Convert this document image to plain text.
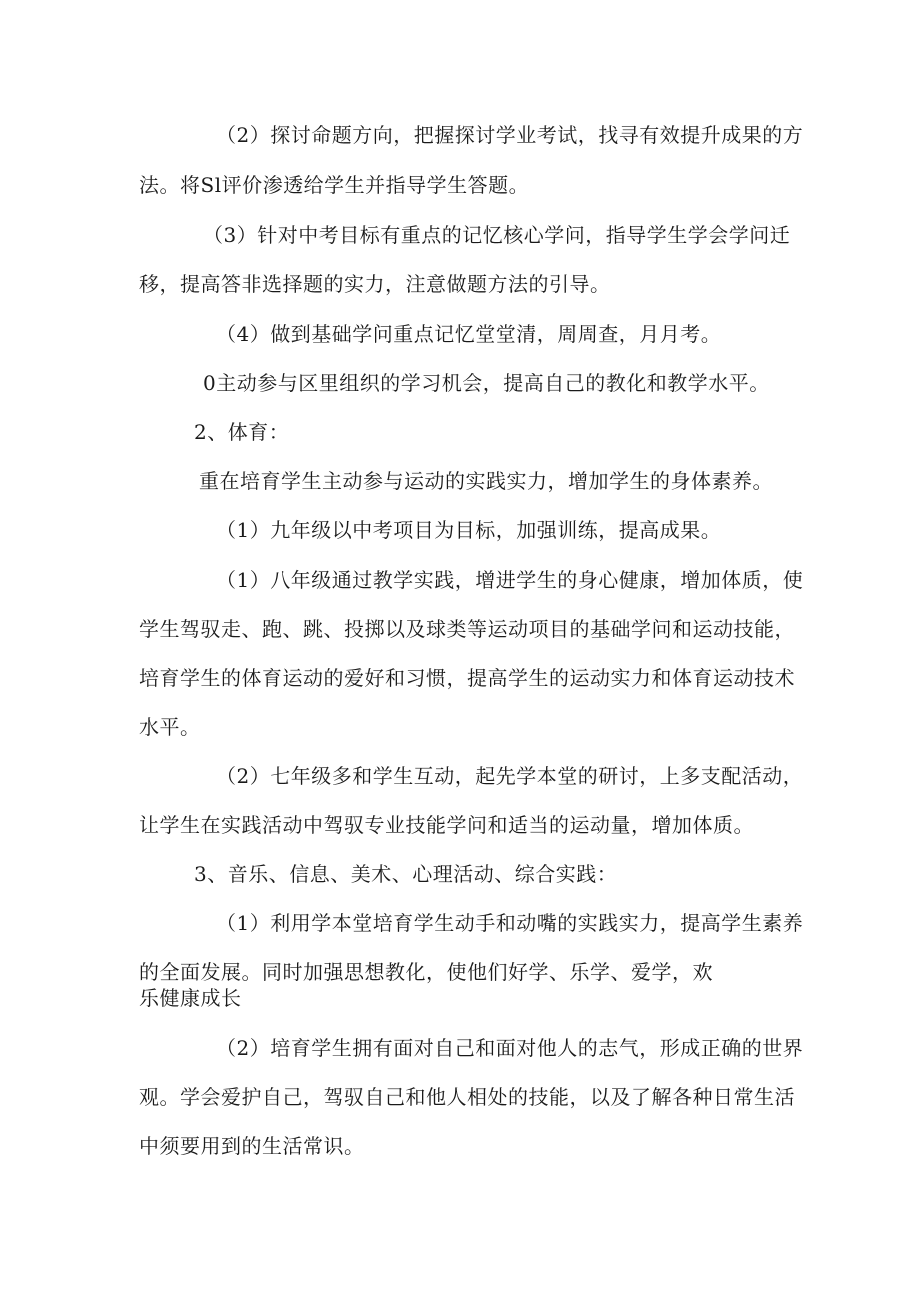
（2）探讨命题方向，把握探讨学业考试，找寻有效提升成果的方
法。将Sl评价渗透给学生并指导学生答题。
（3）针对中考目标有重点的记忆核心学问，指导学生学会学问迁
移，提高答非选择题的实力，注意做题方法的引导。
（4）做到基础学问重点记忆堂堂清，周周查，月月考。
0主动参与区里组织的学习机会，提高自己的教化和教学水平。
2、体育：
重在培育学生主动参与运动的实践实力，增加学生的身体素养。
（1）九年级以中考项目为目标，加强训练，提高成果。
（1）八年级通过教学实践，增进学生的身心健康，增加体质，使
学生驾驭走、跑、跳、投掷以及球类等运动项目的基础学问和运动技能，
培育学生的体育运动的爱好和习惯，提高学生的运动实力和体育运动技术
水平。
（2）七年级多和学生互动，起先学本堂的研讨，上多支配活动，
让学生在实践活动中驾驭专业技能学问和适当的运动量，增加体质。
3、音乐、信息、美术、心理活动、综合实践：
（1）利用学本堂培育学生动手和动嘴的实践实力，提高学生素养
的全面发展。同时加强思想教化，使他们好学、乐学、爱学，欢
乐健康成长
（2）培育学生拥有面对自己和面对他人的志气，形成正确的世界
观。学会爱护自己，驾驭自己和他人相处的技能，以及了解各种日常生活
中须要用到的生活常识。
